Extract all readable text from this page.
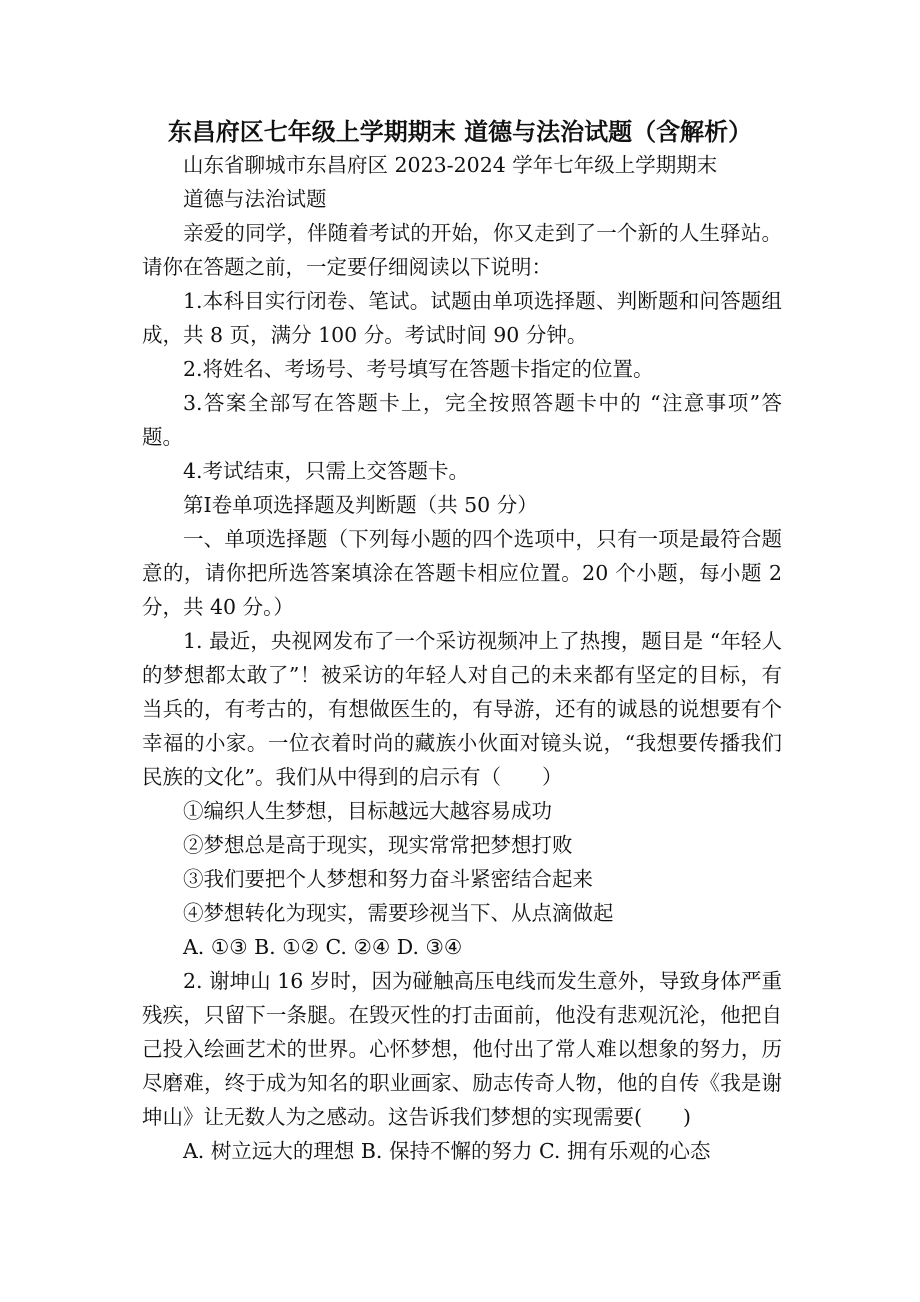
东昌府区七年级上学期期末 道德与法治试题（含解析）

山东省聊城市东昌府区 2023-2024 学年七年级上学期期末

道德与法治试题

亲爱的同学，伴随着考试的开始，你又走到了一个新的人生驿站。请你在答题之前，一定要仔细阅读以下说明：

1.本科目实行闭卷、笔试。试题由单项选择题、判断题和问答题组成，共 8 页，满分 100 分。考试时间 90 分钟。

2.将姓名、考场号、考号填写在答题卡指定的位置。

3.答案全部写在答题卡上，完全按照答题卡中的 “注意事项”答题。

4.考试结束，只需上交答题卡。

第Ⅰ卷单项选择题及判断题（共 50 分）

一、单项选择题（下列每小题的四个选项中，只有一项是最符合题意的，请你把所选答案填涂在答题卡相应位置。20 个小题，每小题 2 分，共 40 分。）

1. 最近，央视网发布了一个采访视频冲上了热搜，题目是 “年轻人的梦想都太敢了”！被采访的年轻人对自己的未来都有坚定的目标，有当兵的，有考古的，有想做医生的，有导游，还有的诚恳的说想要有个幸福的小家。一位衣着时尚的藏族小伙面对镜头说，“我想要传播我们民族的文化”。我们从中得到的启示有（　　）

①编织人生梦想，目标越远大越容易成功

②梦想总是高于现实，现实常常把梦想打败

③我们要把个人梦想和努力奋斗紧密结合起来

④梦想转化为现实，需要珍视当下、从点滴做起

A. ①③ B. ①② C. ②④ D. ③④

2. 谢坤山 16 岁时，因为碰触高压电线而发生意外，导致身体严重残疾，只留下一条腿。在毁灭性的打击面前，他没有悲观沉沦，他把自己投入绘画艺术的世界。心怀梦想，他付出了常人难以想象的努力，历尽磨难，终于成为知名的职业画家、励志传奇人物，他的自传《我是谢坤山》让无数人为之感动。这告诉我们梦想的实现需要(　　)

A. 树立远大的理想 B. 保持不懈的努力 C. 拥有乐观的心态
